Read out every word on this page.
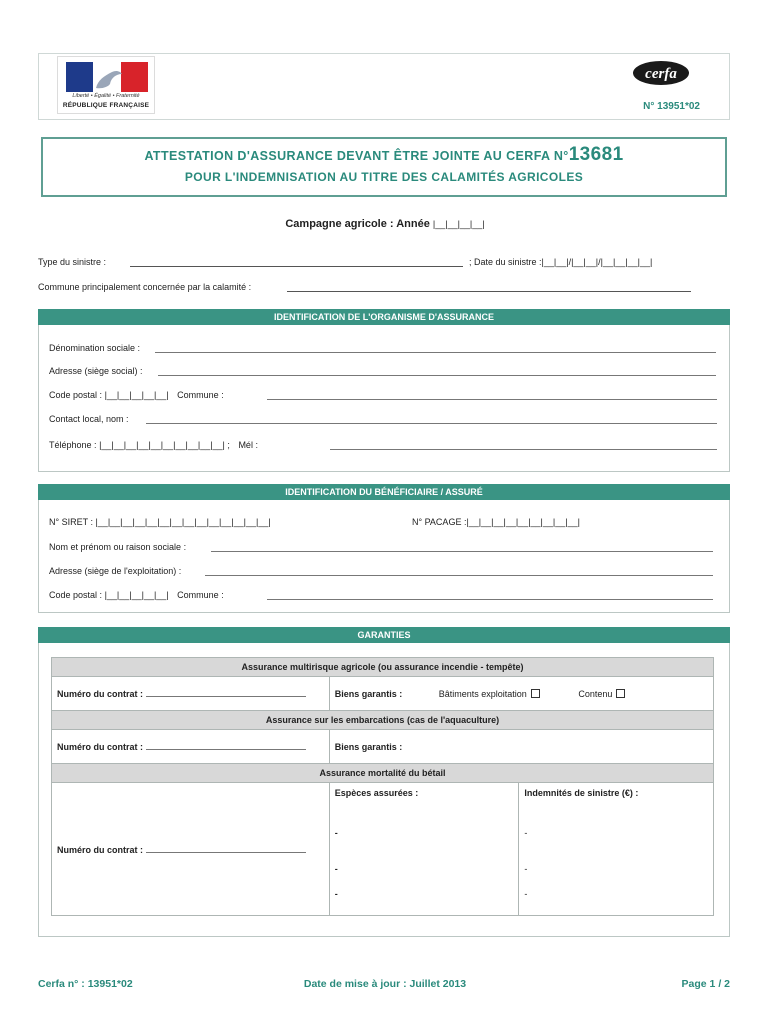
Liberté • Égalité • Fraternité
RÉPUBLIQUE FRANÇAISE
cerfa
N° 13951*02
ATTESTATION D'ASSURANCE DEVANT ÊTRE JOINTE AU CERFA N°13681
POUR L'INDEMNISATION AU TITRE DES CALAMITÉS AGRICOLES
Campagne agricole : Année |__|__|__|__|
Type du sinistre :	; Date du sinistre :|__|__|/|__|__|/|__|__|__|__|
Commune principalement concernée par la calamité :
IDENTIFICATION DE L'ORGANISME D'ASSURANCE
Dénomination sociale :
Adresse (siège social) :
Code postal : |__|__|__|__|__| Commune :
Contact local, nom :
Téléphone : |__|__|__|__|__|__|__|__|__|__| ; Mél :
IDENTIFICATION DU BÉNÉFICIAIRE / ASSURÉ
N° SIRET : |__|__|__|__|__|__|__|__|__|__|__|__|__|__|	N° PACAGE :|__|__|__|__|__|__|__|__|__|
Nom et prénom ou raison sociale :
Adresse (siège de l'exploitation) :
Code postal : |__|__|__|__|__| Commune :
GARANTIES
Assurance multirisque agricole (ou assurance incendie - tempête)		
Numéro du contrat :	Biens garantis : Bâtiments exploitation Contenu	
Assurance sur les embarcations (cas de l'aquaculture)		
Numéro du contrat :	Biens garantis :	
Assurance mortalité du bétail		
Numéro du contrat :	Espèces assurées :	Indemnités de sinistre (€) :
	-	-
	-	-
	-	-
Cerfa n° : 13951*02	Date de mise à jour : Juillet 2013	Page 1 / 2
